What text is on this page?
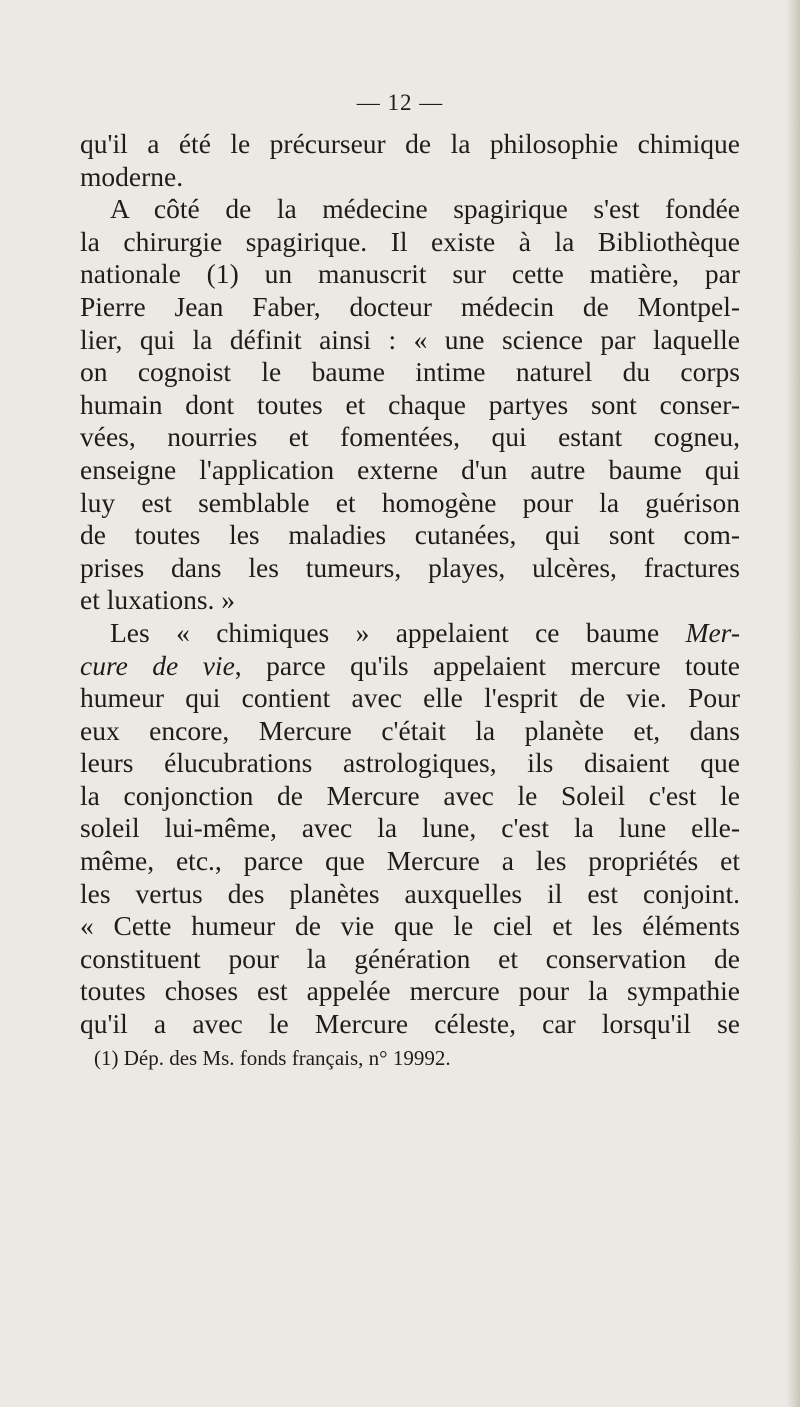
— 12 —
qu'il a été le précurseur de la philosophie chimique
moderne.
A côté de la médecine spagirique s'est fondée
la chirurgie spagirique. Il existe à la Bibliothèque
nationale (1) un manuscrit sur cette matière, par
Pierre Jean Faber, docteur médecin de Montpel-
lier, qui la définit ainsi : « une science par laquelle
on cognoist le baume intime naturel du corps
humain dont toutes et chaque partyes sont conser-
vées, nourries et fomentées, qui estant cogneu,
enseigne l'application externe d'un autre baume qui
luy est semblable et homogène pour la guérison
de toutes les maladies cutanées, qui sont com-
prises dans les tumeurs, playes, ulcères, fractures
et luxations. »
Les « chimiques » appelaient ce baume Mer-
cure de vie, parce qu'ils appelaient mercure toute
humeur qui contient avec elle l'esprit de vie. Pour
eux encore, Mercure c'était la planète et, dans
leurs élucubrations astrologiques, ils disaient que
la conjonction de Mercure avec le Soleil c'est le
soleil lui-même, avec la lune, c'est la lune elle-
même, etc., parce que Mercure a les propriétés et
les vertus des planètes auxquelles il est conjoint.
« Cette humeur de vie que le ciel et les éléments
constituent pour la génération et conservation de
toutes choses est appelée mercure pour la sympathie
qu'il a avec le Mercure céleste, car lorsqu'il se
(1) Dép. des Ms. fonds français, n° 19992.
